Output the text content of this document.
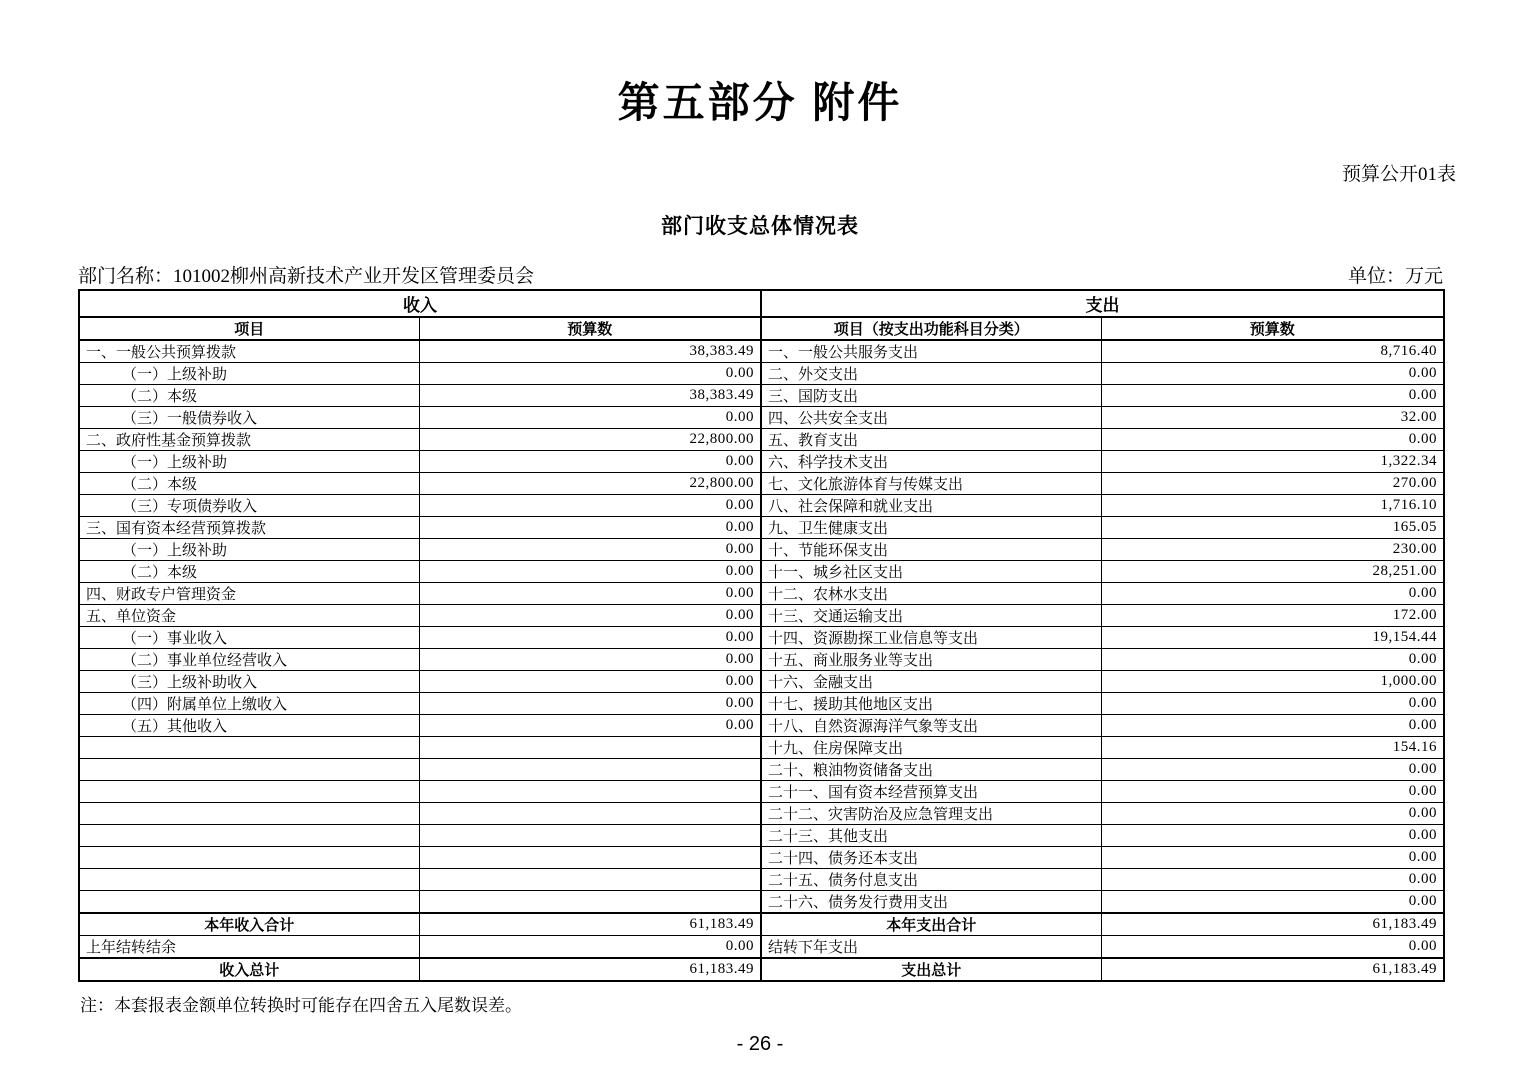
第五部分 附件
预算公开01表
部门收支总体情况表
部门名称：101002柳州高新技术产业开发区管理委员会	单位：万元
收入		支出	
项目	预算数	项目（按支出功能科目分类）	预算数
一、一般公共预算拨款	38,383.49	一、一般公共服务支出	8,716.40
（一）上级补助	0.00	二、外交支出	0.00
（二）本级	38,383.49	三、国防支出	0.00
（三）一般债券收入	0.00	四、公共安全支出	32.00
二、政府性基金预算拨款	22,800.00	五、教育支出	0.00
（一）上级补助	0.00	六、科学技术支出	1,322.34
（二）本级	22,800.00	七、文化旅游体育与传媒支出	270.00
（三）专项债券收入	0.00	八、社会保障和就业支出	1,716.10
三、国有资本经营预算拨款	0.00	九、卫生健康支出	165.05
（一）上级补助	0.00	十、节能环保支出	230.00
（二）本级	0.00	十一、城乡社区支出	28,251.00
四、财政专户管理资金	0.00	十二、农林水支出	0.00
五、单位资金	0.00	十三、交通运输支出	172.00
（一）事业收入	0.00	十四、资源勘探工业信息等支出	19,154.44
（二）事业单位经营收入	0.00	十五、商业服务业等支出	0.00
（三）上级补助收入	0.00	十六、金融支出	1,000.00
（四）附属单位上缴收入	0.00	十七、援助其他地区支出	0.00
（五）其他收入	0.00	十八、自然资源海洋气象等支出	0.00
		十九、住房保障支出	154.16
		二十、粮油物资储备支出	0.00
		二十一、国有资本经营预算支出	0.00
		二十二、灾害防治及应急管理支出	0.00
		二十三、其他支出	0.00
		二十四、债务还本支出	0.00
		二十五、债务付息支出	0.00
		二十六、债务发行费用支出	0.00
本年收入合计	61,183.49	本年支出合计	61,183.49
上年结转结余	0.00	结转下年支出	0.00
收入总计	61,183.49	支出总计	61,183.49
注：本套报表金额单位转换时可能存在四舍五入尾数误差。
- 26 -
